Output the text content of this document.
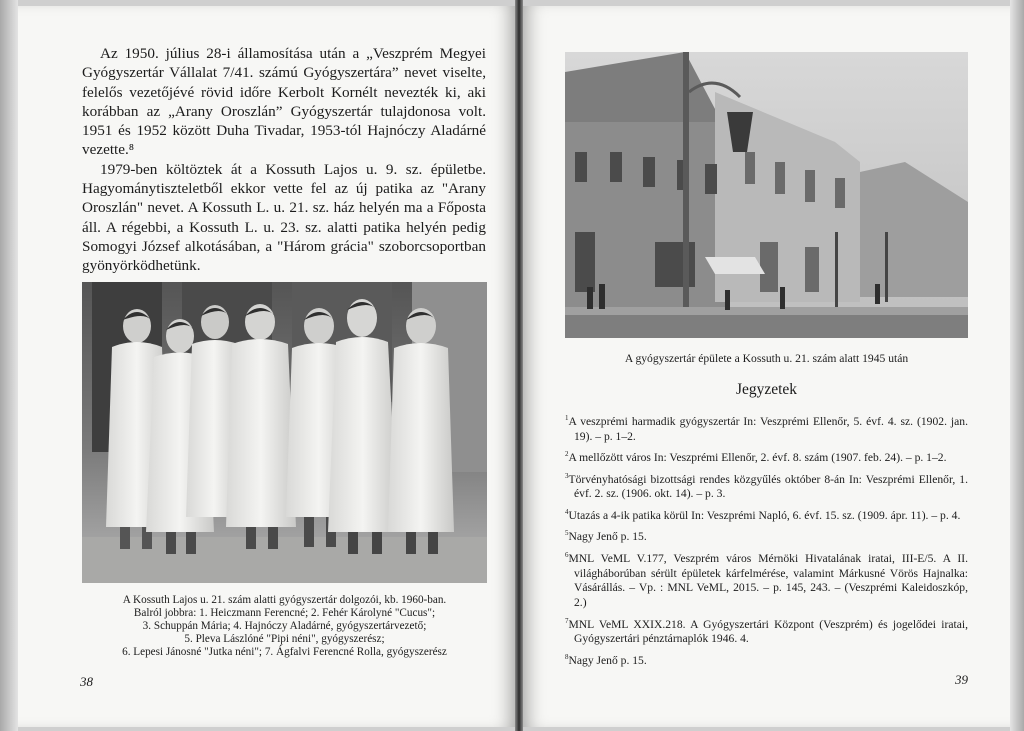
Az 1950. július 28-i államosítása után a „Veszprém Megyei Gyógyszertár Vállalat 7/41. számú Gyógyszertára” nevet viselte, felelős vezetőjévé rövid időre Kerbolt Kornélt nevezték ki, aki korábban az „Arany Oroszlán” Gyógyszertár tulajdonosa volt. 1951 és 1952 között Duha Tivadar, 1953-tól Hajnóczy Aladárné vezette.⁸

1979-ben költöztek át a Kossuth Lajos u. 9. sz. épületbe. Hagyománytiszteletből ekkor vette fel az új patika az "Arany Oroszlán" nevet. A Kossuth L. u. 21. sz. ház helyén ma a Főposta áll. A régebbi, a Kossuth L. u. 23. sz. alatti patika helyén pedig Somogyi József alkotásában, a "Három grácia" szoborcsoportban gyönyörködhetünk.

A Kossuth Lajos u. 21. szám alatti gyógyszertár dolgozói, kb. 1960-ban.
Balról jobbra: 1. Heiczmann Ferencné; 2. Fehér Károlyné "Cucus";
3. Schuppán Mária; 4. Hajnóczy Aladárné, gyógyszertárvezető;
5. Pleva Lászlóné "Pipi néni", gyógyszerész;
6. Lepesi Jánosné "Jutka néni"; 7. Ágfalvi Ferencné Rolla, gyógyszerész

38

A gyógyszertár épülete a Kossuth u. 21. szám alatt 1945 után

Jegyzetek
$^1$A veszprémi harmadik gyógyszertár In: Veszprémi Ellenőr, 5. évf. 4. sz. (1902. jan. 19). – p. 1–2.
$^2$A mellőzött város In: Veszprémi Ellenőr, 2. évf. 8. szám (1907. feb. 24). – p. 1–2.
$^3$Törvényhatósági bizottsági rendes közgyűlés október 8-án In: Veszprémi Ellenőr, 1. évf. 2. sz. (1906. okt. 14). – p. 3.
$^4$Utazás a 4-ik patika körül In: Veszprémi Napló, 6. évf. 15. sz. (1909. ápr. 11). – p. 4.
$^5$Nagy Jenő p. 15.
$^6$MNL VeML V.177, Veszprém város Mérnöki Hivatalának iratai, III-E/5. A II. világháborúban sérült épületek kárfelmérése, valamint Márkusné Vörös Hajnalka: Vásárállás. – Vp. : MNL VeML, 2015. – p. 145, 243. – (Veszprémi Kaleidoszkóp, 2.)
$^7$MNL VeML XXIX.218. A Gyógyszertári Központ (Veszprém) és jogelődei iratai, Gyógyszertári pénztárnaplók 1946. 4.
$^8$Nagy Jenő p. 15.
39
